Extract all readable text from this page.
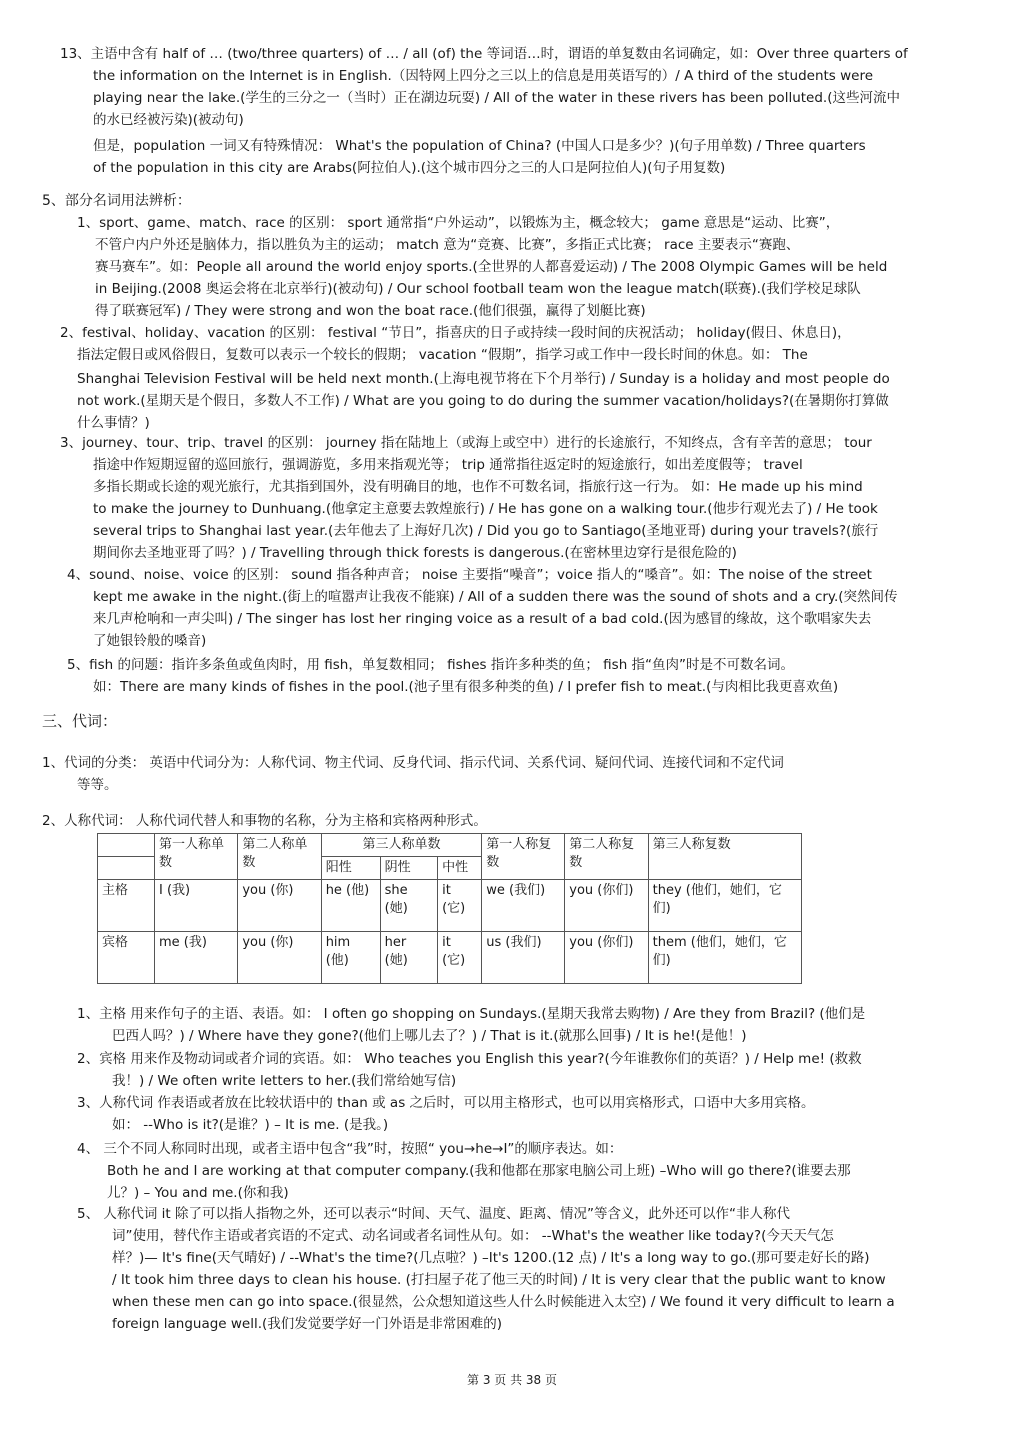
13、主语中含有 half of … (two/three quarters) of … / all (of) the 等词语…时，谓语的单复数由名词确定，如：Over three quarters of

the information on the Internet is in English.（因特网上四分之三以上的信息是用英语写的）/ A third of the students were

playing near the lake.(学生的三分之一（当时）正在湖边玩耍) / All of the water in these rivers has been polluted.(这些河流中

的水已经被污染)(被动句)

但是，population 一词又有特殊情况： What's the population of China? (中国人口是多少？)(句子用单数) / Three quarters

of the population in this city are Arabs(阿拉伯人).(这个城市四分之三的人口是阿拉伯人)(句子用复数)

5、部分名词用法辨析：

1、sport、game、match、race 的区别： sport 通常指“户外运动”，以锻炼为主，概念较大； game 意思是“运动、比赛”，

不管户内户外还是脑体力，指以胜负为主的运动； match 意为“竞赛、比赛”，多指正式比赛； race 主要表示“赛跑、

赛马赛车”。如：People all around the world enjoy sports.(全世界的人都喜爱运动) / The 2008 Olympic Games will be held

in Beijing.(2008 奥运会将在北京举行)(被动句) / Our school football team won the league match(联赛).(我们学校足球队

得了联赛冠军) / They were strong and won the boat race.(他们很强，赢得了划艇比赛)

2、festival、holiday、vacation 的区别： festival “节日”，指喜庆的日子或持续一段时间的庆祝活动； holiday(假日、休息日)，

指法定假日或风俗假日，复数可以表示一个较长的假期； vacation “假期”，指学习或工作中一段长时间的休息。如： The

Shanghai Television Festival will be held next month.(上海电视节将在下个月举行) / Sunday is a holiday and most people do

not work.(星期天是个假日，多数人不工作) / What are you going to do during the summer vacation/holidays?(在暑期你打算做

什么事情？)

3、journey、tour、trip、travel 的区别： journey 指在陆地上（或海上或空中）进行的长途旅行，不知终点，含有辛苦的意思； tour

指途中作短期逗留的巡回旅行，强调游览，多用来指观光等； trip 通常指往返定时的短途旅行，如出差度假等； travel

多指长期或长途的观光旅行，尤其指到国外，没有明确目的地，也作不可数名词，指旅行这一行为。 如：He made up his mind

to make the journey to Dunhuang.(他拿定主意要去敦煌旅行) / He has gone on a walking tour.(他步行观光去了) / He took

several trips to Shanghai last year.(去年他去了上海好几次) / Did you go to Santiago(圣地亚哥) during your travels?(旅行

期间你去圣地亚哥了吗？) / Travelling through thick forests is dangerous.(在密林里边穿行是很危险的)

4、sound、noise、voice 的区别： sound 指各种声音； noise 主要指“噪音”；voice 指人的“嗓音”。如：The noise of the street

kept me awake in the night.(街上的喧嚣声让我夜不能寐) / All of a sudden there was the sound of shots and a cry.(突然间传

来几声枪响和一声尖叫) / The singer has lost her ringing voice as a result of a bad cold.(因为感冒的缘故，这个歌唱家失去

了她银铃般的嗓音)

5、fish 的问题：指许多条鱼或鱼肉时，用 fish，单复数相同； fishes 指许多种类的鱼； fish 指“鱼肉”时是不可数名词。

如：There are many kinds of fishes in the pool.(池子里有很多种类的鱼) / I prefer fish to meat.(与肉相比我更喜欢鱼)

三、代词：

1、代词的分类： 英语中代词分为：人称代词、物主代词、反身代词、指示代词、关系代词、疑问代词、连接代词和不定代词

等等。

2、人称代词： 人称代词代替人和事物的名称，分为主格和宾格两种形式。

	第一人称单数	第二人称单数	第三人称单数			第一人称复数	第二人称复数	第三人称复数
			阳性	阴性	中性			
主格	I (我)	you (你)	he (他)	she (她)	it (它)	we (我们)	you (你们)	they (他们，她们，它们)
宾格	me (我)	you (你)	him (他)	her (她)	it (它)	us (我们)	you (你们)	them (他们，她们，它们)

1、主格 用来作句子的主语、表语。如： I often go shopping on Sundays.(星期天我常去购物) / Are they from Brazil? (他们是

巴西人吗？) / Where have they gone?(他们上哪儿去了？) / That is it.(就那么回事) / It is he!(是他！)

2、宾格 用来作及物动词或者介词的宾语。如： Who teaches you English this year?(今年谁教你们的英语？) / Help me! (救救

我！) / We often write letters to her.(我们常给她写信)

3、人称代词 作表语或者放在比较状语中的 than 或 as 之后时，可以用主格形式，也可以用宾格形式，口语中大多用宾格。

如： --Who is it?(是谁？) – It is me. (是我。)

4、 三个不同人称同时出现，或者主语中包含“我”时，按照“ you→he→I”的顺序表达。如：

Both he and I are working at that computer company.(我和他都在那家电脑公司上班) –Who will go there?(谁要去那

儿？) – You and me.(你和我)

5、 人称代词 it 除了可以指人指物之外，还可以表示“时间、天气、温度、距离、情况”等含义，此外还可以作“非人称代

词”使用，替代作主语或者宾语的不定式、动名词或者名词性从句。如： --What's the weather like today?(今天天气怎

样？)— It's fine(天气晴好) / --What's the time?(几点啦？) –It's 1200.(12 点) / It's a long way to go.(那可要走好长的路)

/ It took him three days to clean his house. (打扫屋子花了他三天的时间) / It is very clear that the public want to know

when these men can go into space.(很显然，公众想知道这些人什么时候能进入太空) / We found it very difficult to learn a

foreign language well.(我们发觉要学好一门外语是非常困难的)

第 3 页 共 38 页
